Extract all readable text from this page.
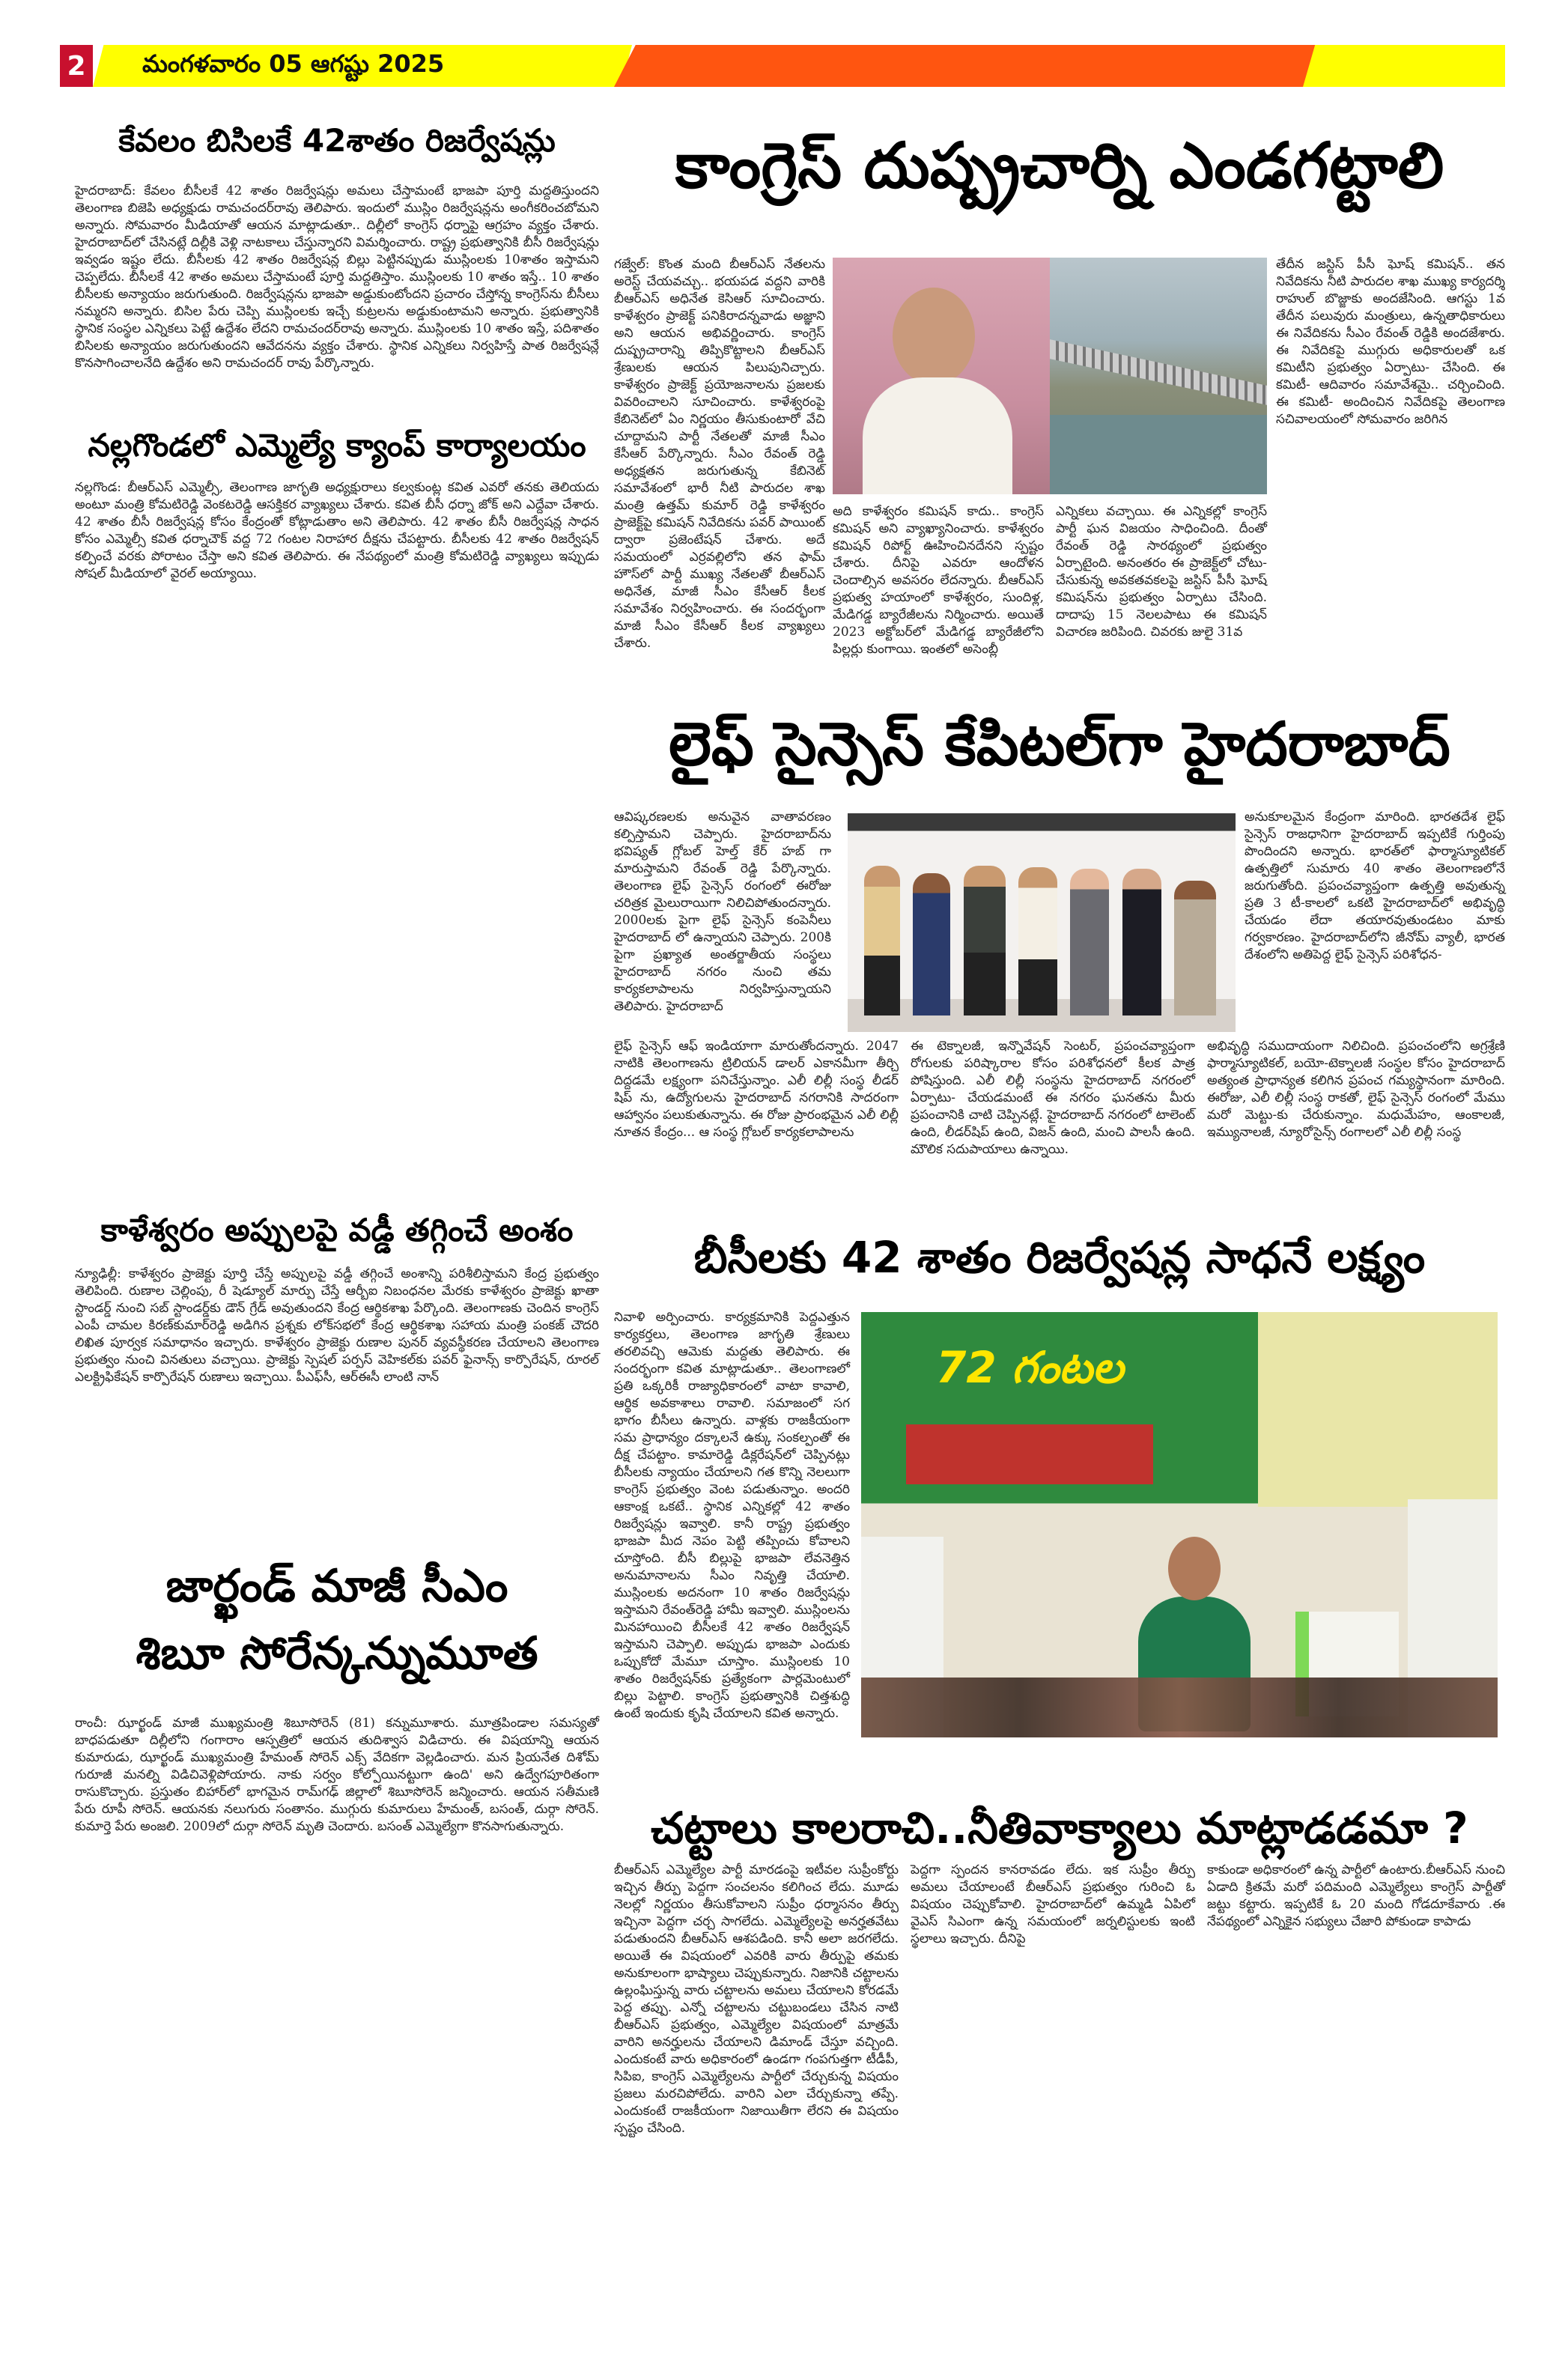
2 మంగళవారం 05 ఆగష్టు 2025
కేవలం బిసిలకే 42శాతం రిజర్వేషన్లు
హైదరాబాద్: కేవలం బీసీలకే 42 శాతం రిజర్వేషన్లు అమలు చేస్తామంటే భాజపా పూర్తి మద్దతిస్తుందని తెలంగాణ బిజెపి అధ్యక్షుడు రామచందర్‌రావు తెలిపారు. ఇందులో ముస్లిం రిజర్వేషన్లను అంగీకరించబోమని అన్నారు. సోమవారం మీడియాతో ఆయన మాట్లాడుతూ.. దిల్లీలో కాంగ్రెస్ ధర్నాపై ఆగ్రహం వ్యక్తం చేశారు. హైదరాబాద్‌లో చేసినట్లే దిల్లీకి వెళ్లి నాటకాలు చేస్తున్నారని విమర్శించారు. రాష్ట్ర ప్రభుత్వానికి బీసీ రిజర్వేషన్లు ఇవ్వడం ఇష్టం లేదు. బీసీలకు 42 శాతం రిజర్వేషన్ల బిల్లు పెట్టినప్పుడు ముస్లింలకు 10శాతం ఇస్తామని చెప్పలేదు. బీసీలకే 42 శాతం అమలు చేస్తామంటే పూర్తి మద్దతిస్తాం. ముస్లింలకు 10 శాతం ఇస్తే.. 10 శాతం బీసీలకు అన్యాయం జరుగుతుంది. రిజర్వేషన్లను భాజపా అడ్డుకుంటోందని ప్రచారం చేస్తోన్న కాంగ్రెస్‌ను బీసీలు నమ్మరని అన్నారు. బిసిల పేరు చెప్పి ముస్లింలకు ఇచ్చే కుట్రలను అడ్డుకుంటామని అన్నారు. ప్రభుత్వానికి స్థానిక సంస్థల ఎన్నికలు పెట్టే ఉద్దేశం లేదని రామచందర్‌రావు అన్నారు. ముస్లింలకు 10 శాతం ఇస్తే, పదిశాతం బిసిలకు అన్యాయం జరుగుతుందని ఆవేదనను వ్యక్తం చేశారు. స్థానిక ఎన్నికలు నిర్వహిస్తే పాత రిజర్వేషన్లే కొనసాగించాలనేది ఉద్దేశం అని రామచందర్ రావు పేర్కొన్నారు.
నల్లగొండలో ఎమ్మెల్యే క్యాంప్ కార్యాలయం
నల్లగొండ: బీఆర్ఎస్ ఎమ్మెల్సీ, తెలంగాణ జాగృతి అధ్యక్షురాలు కల్వకుంట్ల కవిత ఎవరో తనకు తెలియదు అంటూ మంత్రి కోమటిరెడ్డి వెంకటరెడ్డి ఆసక్తికర వ్యాఖ్యలు చేశారు. కవిత బీసీ ధర్నా జోక్ అని ఎద్దేవా చేశారు. 42 శాతం బీసీ రిజర్వేషన్ల కోసం కేంద్రంతో కోట్లాడుతాం అని తెలిపారు. 42 శాతం బీసీ రిజర్వేషన్ల సాధన కోసం ఎమ్మెల్సీ కవిత ధర్నాచౌక్ వద్ద 72 గంటల నిరాహార దీక్షను చేపట్టారు. బీసీలకు 42 శాతం రిజర్వేషన్ కల్పించే వరకు పోరాటం చేస్తా అని కవిత తెలిపారు. ఈ నేపథ్యంలో మంత్రి కోమటిరెడ్డి వ్యాఖ్యలు ఇప్పుడు సోషల్ మీడియాలో వైరల్ అయ్యాయి.
కాళేశ్వరం అప్పులపై వడ్డీ తగ్గించే అంశం
న్యూఢిల్లీ: కాళేశ్వరం ప్రాజెక్టు పూర్తి చేస్తే అప్పులపై వడ్డీ తగ్గించే అంశాన్ని పరిశీలిస్తామని కేంద్ర ప్రభుత్వం తెలిపింది. రుణాల చెల్లింపు, రీ షెడ్యూల్ మార్పు చేస్తే ఆర్బీఐ నిబంధనల మేరకు కాళేశ్వరం ప్రాజెక్టు ఖాతా స్టాండర్డ్ నుంచి సబ్ స్టాండర్డ్‌కు డౌన్ గ్రేడ్ అవుతుందని కేంద్ర ఆర్థికశాఖ పేర్కొంది. తెలంగాణకు చెందిన కాంగ్రెస్ ఎంపీ చామల కిరణ్‌కుమార్‌రెడ్డి అడిగిన ప్రశ్నకు లోక్‌సభలో కేంద్ర ఆర్థికశాఖ సహాయ మంత్రి పంకజ్ చౌదరి లిఖిత పూర్వక సమాధానం ఇచ్చారు. కాళేశ్వరం ప్రాజెక్టు రుణాల పునర్ వ్యవస్థీకరణ చేయాలని తెలంగాణ ప్రభుత్వం నుంచి వినతులు వచ్చాయి. ప్రాజెక్టు స్పెషల్ పర్పస్ వెహికల్‌కు పవర్ ఫైనాన్స్ కార్పొరేషన్, రూరల్ ఎలక్ట్రిఫికేషన్ కార్పొరేషన్ రుణాలు ఇచ్చాయి. పీఎఫ్‌సీ, ఆర్ఈసీ లాంటి నాన్
జార్ఖండ్ మాజీ సీఎం
శిబూ సోరేన్కన్నుమూత
రాంచీ: ఝార్ఖండ్ మాజీ ముఖ్యమంత్రి శిబూసోరెన్ (81) కన్నుమూశారు. మూత్రపిండాల సమస్యతో బాధపడుతూ దిల్లీలోని గంగారాం ఆస్పత్రిలో ఆయన తుదిశ్వాస విడిచారు. ఈ విషయాన్ని ఆయన కుమారుడు, ఝార్ఖండ్ ముఖ్యమంత్రి హేమంత్ సోరెన్ ఎక్స్ వేదికగా వెల్లడించారు. మన ప్రియనేత దిశోమ్ గురూజీ మనల్ని విడిచివెళ్లిపోయారు. నాకు సర్వం కోల్పోయినట్టుగా ఉంది' అని ఉద్వేగపూరితంగా రాసుకొచ్చారు. ప్రస్తుతం బిహార్‌లో భాగమైన రామ్‌గఢ్ జిల్లాలో శిబూసోరెన్ జన్మించారు. ఆయన సతీమణి పేరు రూపీ సోరెన్. ఆయనకు నలుగురు సంతానం. ముగ్గురు కుమారులు హేమంత్, బసంత్, దుర్గా సోరెన్. కుమార్తె పేరు అంజలి. 2009లో దుర్గా సోరెన్ మృతి చెందారు. బసంత్ ఎమ్మెల్యేగా కొనసాగుతున్నారు.
కాంగ్రెస్ దుష్ప్రచార్ని ఎండగట్టాలి
గజ్వేల్: కొంత మంది బీఆర్ఎస్ నేతలను అరెస్ట్ చేయవచ్చు.. భయపడ వద్దని వారికి బీఆర్ఎస్ అధినేత కెసిఆర్ సూచించారు. కాళేశ్వరం ప్రాజెక్ట్ పనికిరాదన్నవాడు అజ్ఞాని అని ఆయన అభివర్ణించారు. కాంగ్రెస్ దుష్ప్రచారాన్ని తిప్పికొట్టాలని బీఆర్ఎస్ శ్రేణులకు ఆయన పిలుపునిచ్చారు. కాళేశ్వరం ప్రాజెక్ట్ ప్రయోజనాలను ప్రజలకు వివరించాలని సూచించారు. కాళేశ్వరంపై కేబినెట్‌లో ఏం నిర్ణయం తీసుకుంటారో వేచి చూద్దామని పార్టీ నేతలతో మాజీ సీఎం కేసీఆర్ పేర్కొన్నారు. సీఎం రేవంత్ రెడ్డి అధ్యక్షతన జరుగుతున్న కేబినెట్ సమావేశంలో భారీ నీటి పారుదల శాఖ మంత్రి ఉత్తమ్ కుమార్ రెడ్డి కాళేశ్వరం ప్రాజెక్ట్‌పై కమిషన్ నివేదికను పవర్ పాయింట్ ద్వారా ప్రజెంటేషన్ చేశారు. అదే సమయంలో ఎర్రవల్లిలోని తన ఫామ్ హౌస్‌లో పార్టీ ముఖ్య నేతలతో బీఆర్ఎస్ అధినేత, మాజీ సీఎం కేసీఆర్ కీలక సమావేశం నిర్వహించారు. ఈ సందర్భంగా మాజీ సీఎం కేసీఆర్ కీలక వ్యాఖ్యలు చేశారు.
అది కాళేశ్వరం కమిషన్ కాదు.. కాంగ్రెస్ కమిషన్ అని వ్యాఖ్యానించారు. కాళేశ్వరం కమిషన్ రిపోర్ట్ ఊహించినదేనని స్పష్టం చేశారు. దీనిపై ఎవరూ ఆందోళన చెందాల్సిన అవసరం లేదన్నారు. బీఆర్ఎస్ ప్రభుత్వ హయాంలో కాళేశ్వరం, సుందిళ్ల, మేడిగడ్డ బ్యారేజీలను నిర్మించారు. అయితే 2023 అక్టోబర్‌లో మేడిగడ్డ బ్యారేజీలోని పిల్లర్లు కుంగాయి. ఇంతలో అసెంబ్లీ
ఎన్నికలు వచ్చాయి. ఈ ఎన్నికల్లో కాంగ్రెస్ పార్టీ ఘన విజయం సాధించింది. దీంతో రేవంత్ రెడ్డి సారథ్యంలో ప్రభుత్వం ఏర్పాటైంది. అనంతరం ఈ ప్రాజెక్ట్‌లో చోటు- చేసుకున్న అవకతవకలపై జస్టిస్ పీసీ ఘోష్ కమిషన్‌ను ప్రభుత్వం ఏర్పాటు చేసింది. దాదాపు 15 నెలలపాటు ఈ కమిషన్ విచారణ జరిపింది. చివరకు జులై 31వ
తేదీన జస్టిస్ పీసీ ఘోష్ కమిషన్.. తన నివేదికను నీటి పారుదల శాఖ ముఖ్య కార్యదర్శి రాహుల్ బొజ్జాకు అందజేసింది. ఆగస్టు 1వ తేదీన పలువురు మంత్రులు, ఉన్నతాధికారులు ఈ నివేదికను సీఎం రేవంత్ రెడ్డికి అందజేశారు. ఈ నివేదికపై ముగ్గురు అధికారులతో ఒక కమిటీని ప్రభుత్వం ఏర్పాటు- చేసింది. ఈ కమిటీ- ఆదివారం సమావేశమై.. చర్చించింది. ఈ కమిటీ- అందించిన నివేదికపై తెలంగాణ సచివాలయంలో సోమవారం జరిగిన
లైఫ్ సైన్సెస్ కేపిటల్‌గా హైదరాబాద్
ఆవిష్కరణలకు అనువైన వాతావరణం కల్పిస్తామని చెప్పారు. హైదరాబాద్‌ను భవిష్యత్ గ్లోబల్ హెల్త్ కేర్ హబ్ గా మారుస్తామని రేవంత్ రెడ్డి పేర్కొన్నారు. తెలంగాణ లైఫ్ సైన్సెస్ రంగంలో ఈరోజు చరిత్రక మైలురాయిగా నిలిచిపోతుందన్నారు. 2000లకు పైగా లైఫ్ సైన్సెస్ కంపెనీలు హైదరాబాద్ లో ఉన్నాయని చెప్పారు. 200కి పైగా ప్రఖ్యాత అంతర్జాతీయ సంస్థలు హైదరాబాద్ నగరం నుంచి తమ కార్యకలాపాలను నిర్వహిస్తున్నాయని తెలిపారు. హైదరాబాద్
అనుకూలమైన కేంద్రంగా మారింది. భారతదేశ లైఫ్ సైన్సెస్ రాజధానిగా హైదరాబాద్ ఇప్పటికే గుర్తింపు పొందిందని అన్నారు. భారత్‌లో ఫార్మాస్యూటికల్ ఉత్పత్తిలో సుమారు 40 శాతం తెలంగాణలోనే జరుగుతోంది. ప్రపంచవ్యాప్తంగా ఉత్పత్తి అవుతున్న ప్రతి 3 టీ-కాలలో ఒకటి హైదరాబాద్‌లో అభివృద్ధి చేయడం లేదా తయారవుతుండటం మాకు గర్వకారణం. హైదరాబాద్‌లోని జీనోమ్ వ్యాలీ, భారత దేశంలోని అతిపెద్ద లైఫ్ సైన్సెస్ పరిశోధన-
లైఫ్ సైన్సెస్ ఆఫ్ ఇండియాగా మారుతోందన్నారు. 2047 నాటికి తెలంగాణను ట్రిలియన్ డాలర్ ఎకానమీగా తీర్చి దిద్దడమే లక్ష్యంగా పనిచేస్తున్నాం. ఎలీ లిల్లీ సంస్థ లీడర్ షిప్ ను, ఉద్యోగులను హైదరాబాద్ నగరానికి సాదరంగా ఆహ్వానం పలుకుతున్నాను. ఈ రోజు ప్రారంభమైన ఎలీ లిల్లీ నూతన కేంద్రం... ఆ సంస్థ గ్లోబల్ కార్యకలాపాలను
ఈ టెక్నాలజీ, ఇన్నొవేషన్ సెంటర్, ప్రపంచవ్యాప్తంగా రోగులకు పరిష్కారాల కోసం పరిశోధనలో కీలక పాత్ర పోషిస్తుంది. ఎలీ లిల్లీ సంస్థను హైదరాబాద్ నగరంలో ఏర్పాటు- చేయడమంటే ఈ నగరం ఘనతను మీరు ప్రపంచానికి చాటి చెప్పినట్లే. హైదరాబాద్ నగరంలో టాలెంట్ ఉంది, లీడర్‌షిప్ ఉంది, విజన్ ఉంది, మంచి పాలసీ ఉంది. మౌలిక సదుపాయాలు ఉన్నాయి.
అభివృద్ధి సముదాయంగా నిలిచింది. ప్రపంచంలోని అగ్రశ్రేణి ఫార్మాస్యూటికల్, బయో-టెక్నాలజీ సంస్థల కోసం హైదరాబాద్ అత్యంత ప్రాధాన్యత కలిగిన ప్రపంచ గమ్యస్థానంగా మారింది. ఈరోజు, ఎలీ లిల్లీ సంస్థ రాకతో, లైఫ్ సైన్సెస్ రంగంలో మేము మరో మెట్టు-కు చేరుకున్నాం. మధుమేహం, ఆంకాలజీ, ఇమ్యునాలజీ, న్యూరోసైన్స్ రంగాలలో ఎలీ లిల్లీ సంస్థ
బీసీలకు 42 శాతం రిజర్వేషన్ల సాధనే లక్ష్యం
నివాళి అర్పించారు. కార్యక్రమానికి పెద్దఎత్తున కార్యకర్తలు, తెలంగాణ జాగృతి శ్రేణులు తరలివచ్చి ఆమెకు మద్దతు తెలిపారు. ఈ సందర్భంగా కవిత మాట్లాడుతూ.. తెలంగాణలో ప్రతి ఒక్కరికీ రాజ్యాధికారంలో వాటా కావాలి, ఆర్థిక అవకాశాలు రావాలి. సమాజంలో సగ భాగం బీసీలు ఉన్నారు. వాళ్లకు రాజకీయంగా సమ ప్రాధాన్యం దక్కాలనే ఉక్కు సంకల్పంతో ఈ దీక్ష చేపట్టాం. కామారెడ్డి డిక్లరేషన్‌లో చెప్పినట్లు బీసీలకు న్యాయం చేయాలని గత కొన్ని నెలలుగా కాంగ్రెస్ ప్రభుత్వం వెంట పడుతున్నాం. అందరి ఆకాంక్ష ఒకటే.. స్థానిక ఎన్నికల్లో 42 శాతం రిజర్వేషన్లు ఇవ్వాలి. కానీ రాష్ట్ర ప్రభుత్వం భాజపా మీద నెపం పెట్టి తప్పించు కోవాలని చూస్తోంది. బీసీ బిల్లుపై భాజపా లేవనెత్తిన అనుమానాలను సీఎం నివృత్తి చేయాలి. ముస్లింలకు అదనంగా 10 శాతం రిజర్వేషన్లు ఇస్తామని రేవంత్‌రెడ్డి హామీ ఇవ్వాలి. ముస్లింలను మినహాయించి బీసీలకే 42 శాతం రిజర్వేషన్ ఇస్తామని చెప్పాలి. అప్పుడు భాజపా ఎందుకు ఒప్పుకోదో మేమూ చూస్తాం. ముస్లింలకు 10 శాతం రిజర్వేషన్‌కు ప్రత్యేకంగా పార్లమెంటులో బిల్లు పెట్టాలి. కాంగ్రెస్ ప్రభుత్వానికి చిత్తశుద్ధి ఉంటే ఇందుకు కృషి చేయాలని కవిత అన్నారు.
72 గంటల
చట్టాలు కాలరాచి..నీతివాక్యాలు మాట్లాడడమా ?
బీఆర్ఎస్ ఎమ్మెల్యేల పార్టీ మారడంపై ఇటీవల సుప్రీంకోర్టు ఇచ్చిన తీర్పు పెద్దగా సంచలనం కలిగించ లేదు. మూడు నెలల్లో నిర్ణయం తీసుకోవాలని సుప్రీం ధర్మాసనం తీర్పు ఇచ్చినా పెద్దగా చర్చ సాగలేదు. ఎమ్మెల్యేలపై అనర్హతవేటు పడుతుందని బీఆర్ఎస్ ఆశపడింది. కానీ అలా జరగలేదు. అయితే ఈ విషయంలో ఎవరికి వారు తీర్పుపై తమకు అనుకూలంగా భాష్యాలు చెప్పుకున్నారు. నిజానికి చట్టాలను ఉల్లంఘిస్తున్న వారు చట్టాలను అమలు చేయాలని కోరడమే పెద్ద తప్పు. ఎన్నో చట్టాలను చట్టుబండలు చేసిన నాటి బీఆర్ఎస్ ప్రభుత్వం, ఎమ్మెల్యేల విషయంలో మాత్రమే వారిని అనర్హులను చేయాలని డిమాండ్ చేస్తూ వచ్చింది. ఎందుకంటే వారు అధికారంలో ఉండగా గంపగుత్తగా టీడీపీ, సిపిఐ, కాంగ్రెస్ ఎమ్మెల్యేలను పార్టీలో చేర్చుకున్న విషయం ప్రజలు మరచిపోలేదు. వారిని ఎలా చేర్చుకున్నా తప్పే. ఎందుకంటే రాజకీయంగా నిజాయితీగా లేరని ఈ విషయం స్పష్టం చేసింది.
పెద్దగా స్పందన కానరావడం లేదు. ఇక సుప్రీం తీర్పు అమలు చేయాలంటే బీఆర్ఎస్ ప్రభుత్వం గురించి ఓ విషయం చెప్పుకోవాలి. హైదరాబాద్‌లో ఉమ్మడి ఏపిలో వైఎస్ సిఎంగా ఉన్న సమయంలో జర్నలిస్టులకు ఇంటి స్థలాలు ఇచ్చారు. దీనిపై
కాకుండా అధికారంలో ఉన్న పార్టీలో ఉంటారు.బీఆర్ఎస్ నుంచి ఏడాది క్రితమే మరో పదిమంది ఎమ్మెల్యేలు కాంగ్రెస్ పార్టీతో జట్టు కట్టారు. ఇప్పటికే ఓ 20 మంది గోడదూకేవారు .ఈ నేపథ్యంలో ఎన్నికైన సభ్యులు చేజారి పోకుండా కాపాడు
